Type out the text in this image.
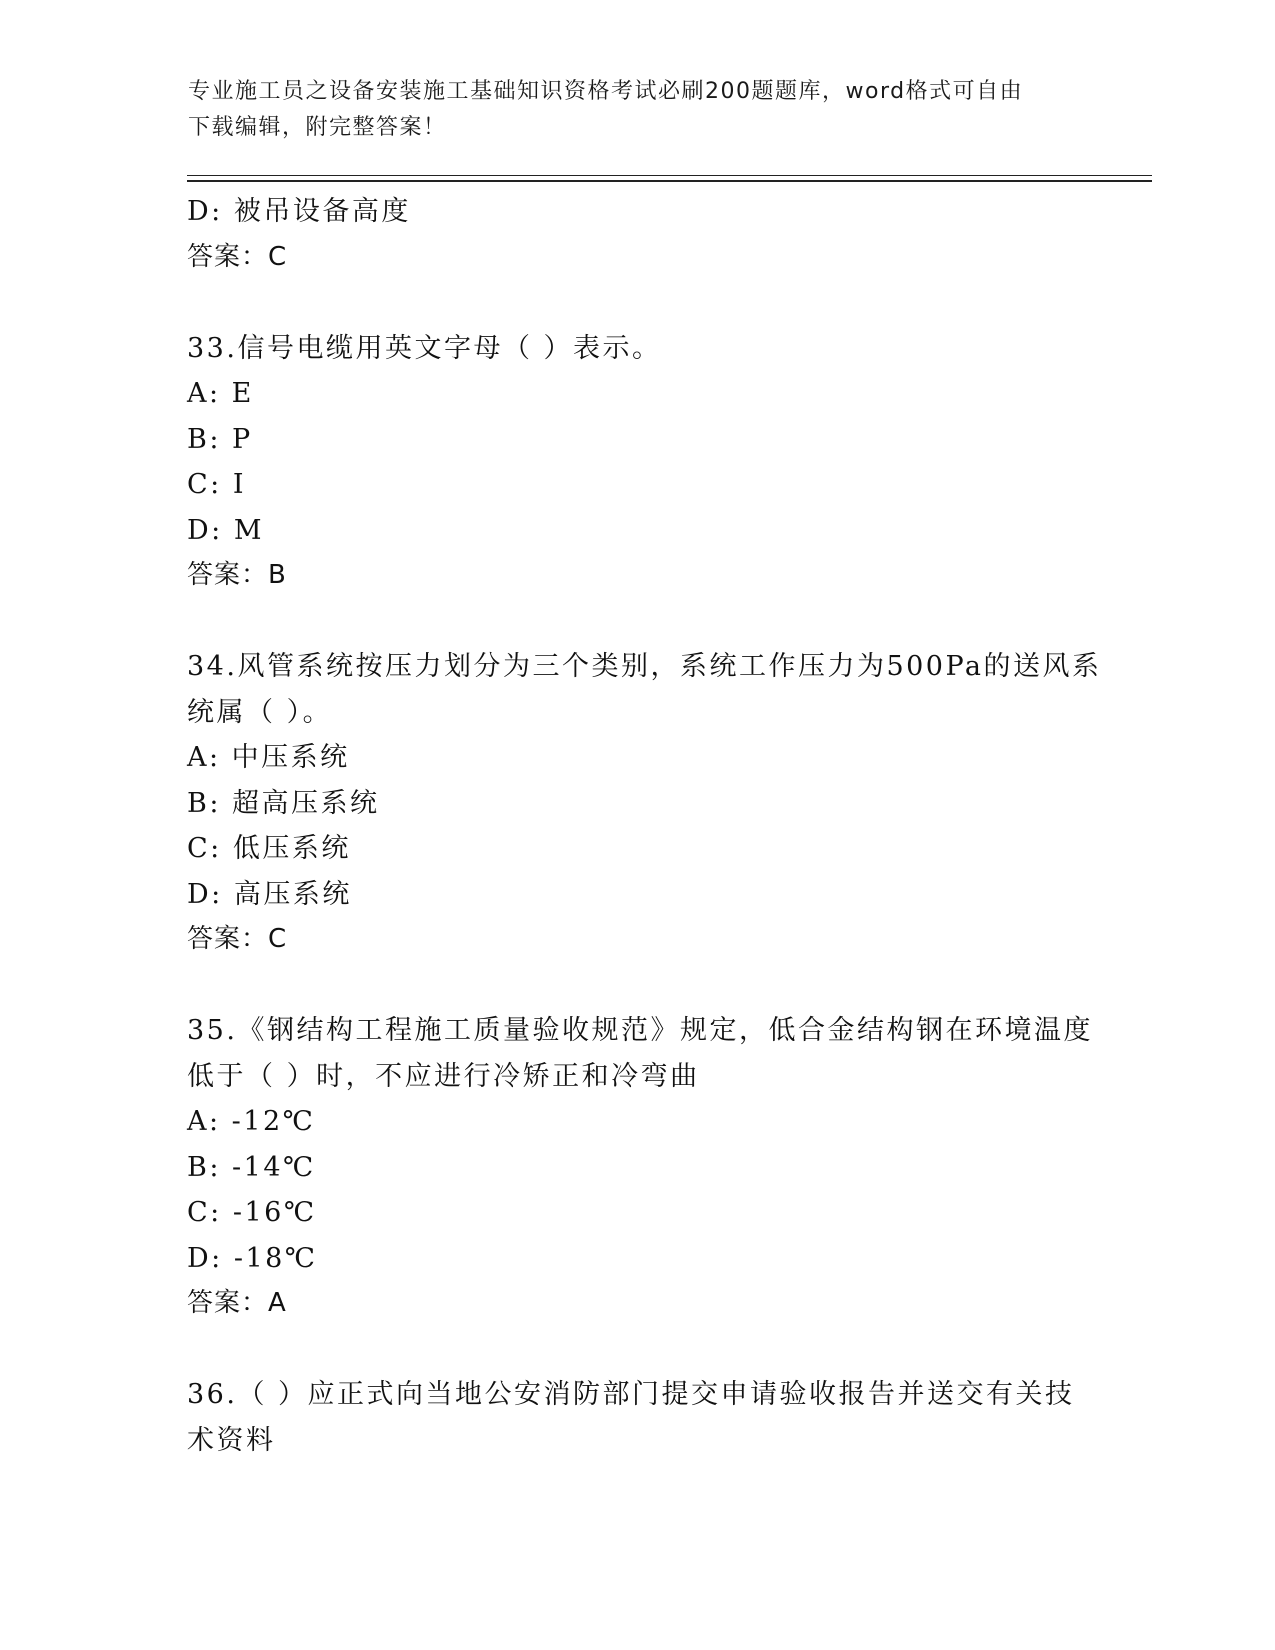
专业施工员之设备安装施工基础知识资格考试必刷200题题库，word格式可自由
下载编辑，附完整答案！
D: 被吊设备高度
答案：C
33.信号电缆用英文字母（ ）表示。
A: E
B: P
C: I
D: M
答案：B
34.风管系统按压力划分为三个类别，系统工作压力为500Pa的送风系
统属（ ）。
A: 中压系统
B: 超高压系统
C: 低压系统
D: 高压系统
答案：C
35.《钢结构工程施工质量验收规范》规定，低合金结构钢在环境温度
低于（ ）时，不应进行冷矫正和冷弯曲
A: -12℃
B: -14℃
C: -16℃
D: -18℃
答案：A
36.（ ）应正式向当地公安消防部门提交申请验收报告并送交有关技
术资料
